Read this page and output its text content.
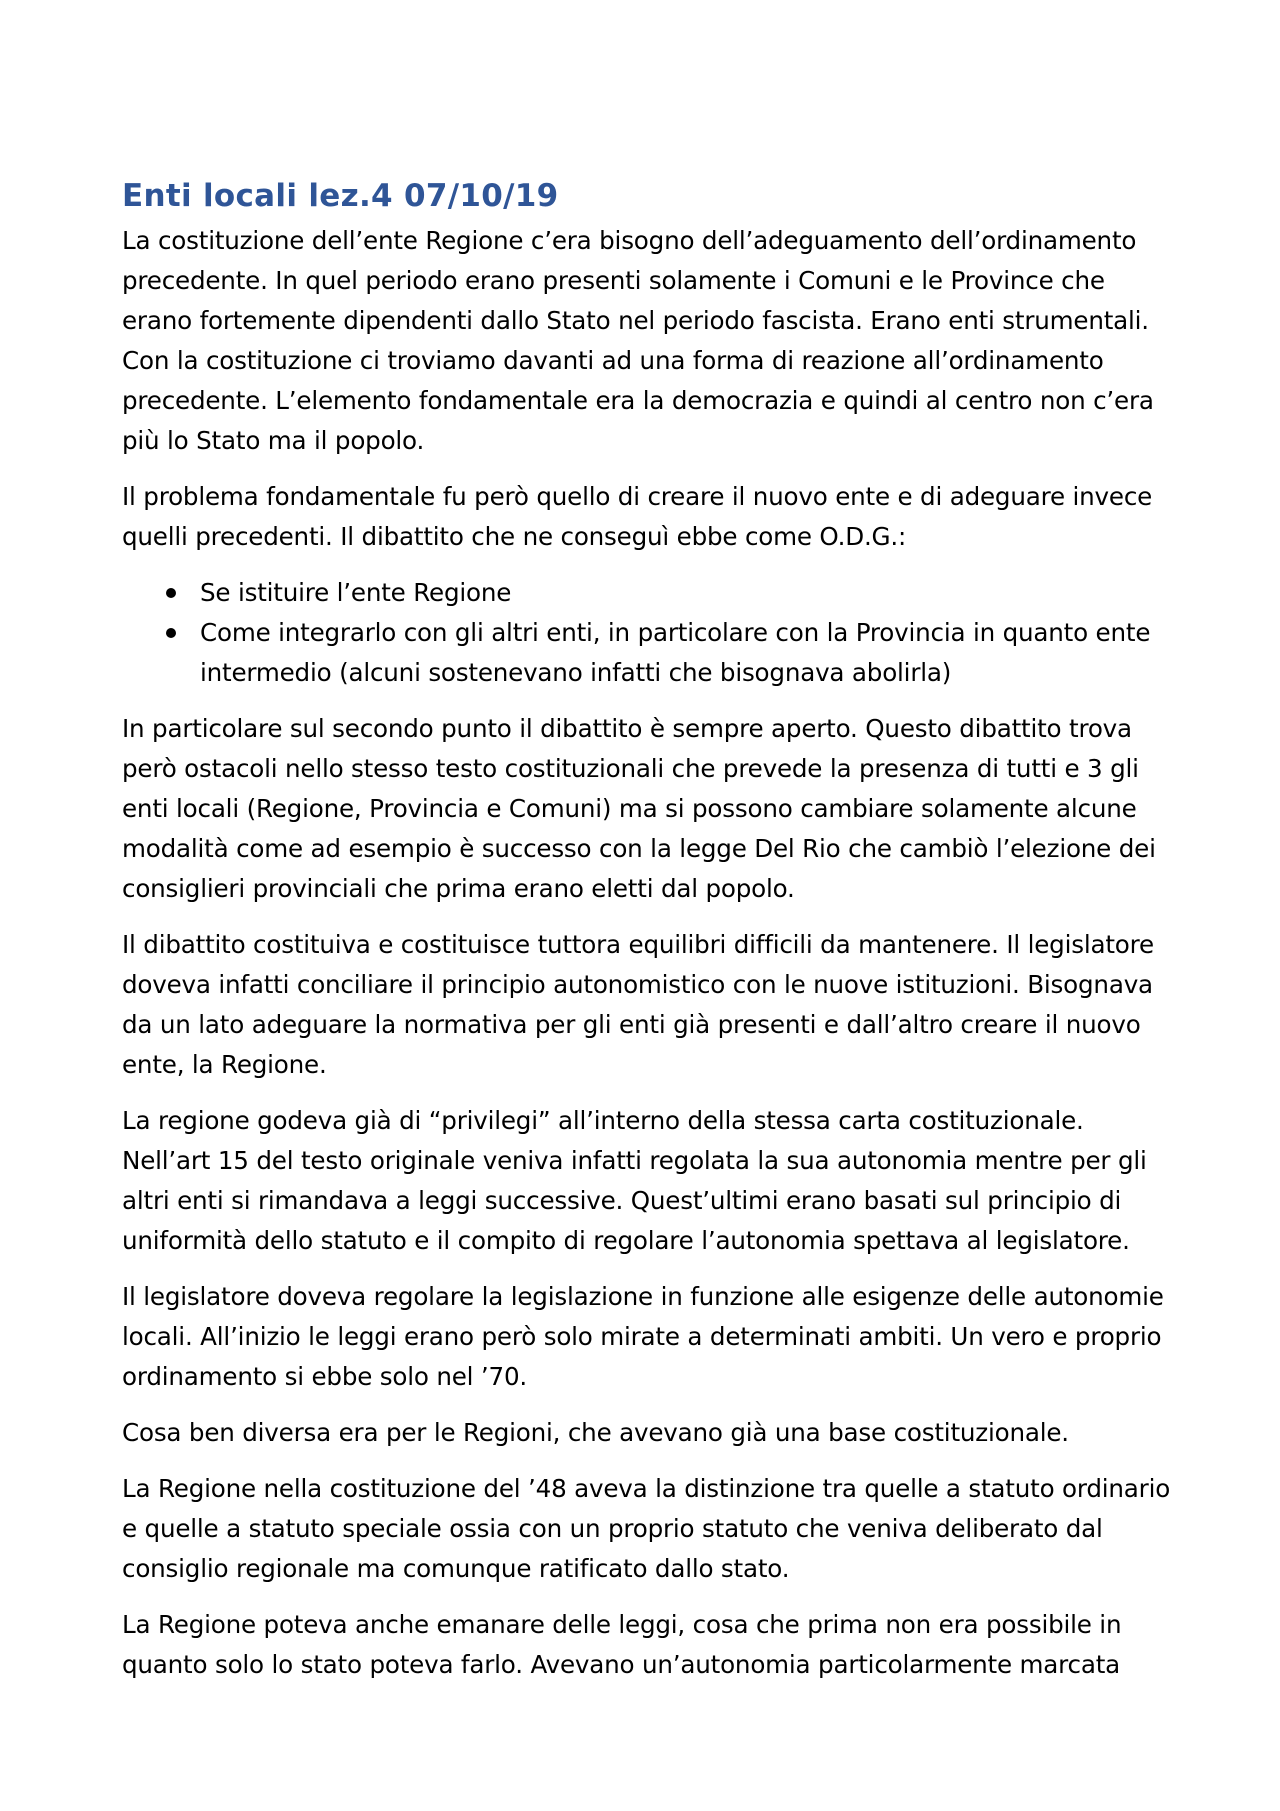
Enti locali lez.4 07/10/19

La costituzione dell’ente Regione c’era bisogno dell’adeguamento dell’ordinamento precedente. In quel periodo erano presenti solamente i Comuni e le Province che erano fortemente dipendenti dallo Stato nel periodo fascista. Erano enti strumentali. Con la costituzione ci troviamo davanti ad una forma di reazione all’ordinamento precedente. L’elemento fondamentale era la democrazia e quindi al centro non c’era più lo Stato ma il popolo.

Il problema fondamentale fu però quello di creare il nuovo ente e di adeguare invece quelli precedenti. Il dibattito che ne conseguì ebbe come O.D.G.:

Se istituire l’ente Regione
Come integrarlo con gli altri enti, in particolare con la Provincia in quanto ente intermedio (alcuni sostenevano infatti che bisognava abolirla)

In particolare sul secondo punto il dibattito è sempre aperto. Questo dibattito trova però ostacoli nello stesso testo costituzionali che prevede la presenza di tutti e 3 gli enti locali (Regione, Provincia e Comuni) ma si possono cambiare solamente alcune modalità come ad esempio è successo con la legge Del Rio che cambiò l’elezione dei consiglieri provinciali che prima erano eletti dal popolo.

Il dibattito costituiva e costituisce tuttora equilibri difficili da mantenere. Il legislatore doveva infatti conciliare il principio autonomistico con le nuove istituzioni. Bisognava da un lato adeguare la normativa per gli enti già presenti e dall’altro creare il nuovo ente, la Regione.

La regione godeva già di “privilegi” all’interno della stessa carta costituzionale. Nell’art 15 del testo originale veniva infatti regolata la sua autonomia mentre per gli altri enti si rimandava a leggi successive. Quest’ultimi erano basati sul principio di uniformità dello statuto e il compito di regolare l’autonomia spettava al legislatore.

Il legislatore doveva regolare la legislazione in funzione alle esigenze delle autonomie locali. All’inizio le leggi erano però solo mirate a determinati ambiti. Un vero e proprio ordinamento si ebbe solo nel ’70.

Cosa ben diversa era per le Regioni, che avevano già una base costituzionale.

La Regione nella costituzione del ’48 aveva la distinzione tra quelle a statuto ordinario e quelle a statuto speciale ossia con un proprio statuto che veniva deliberato dal consiglio regionale ma comunque ratificato dallo stato.

La Regione poteva anche emanare delle leggi, cosa che prima non era possibile in quanto solo lo stato poteva farlo. Avevano un’autonomia particolarmente marcata
